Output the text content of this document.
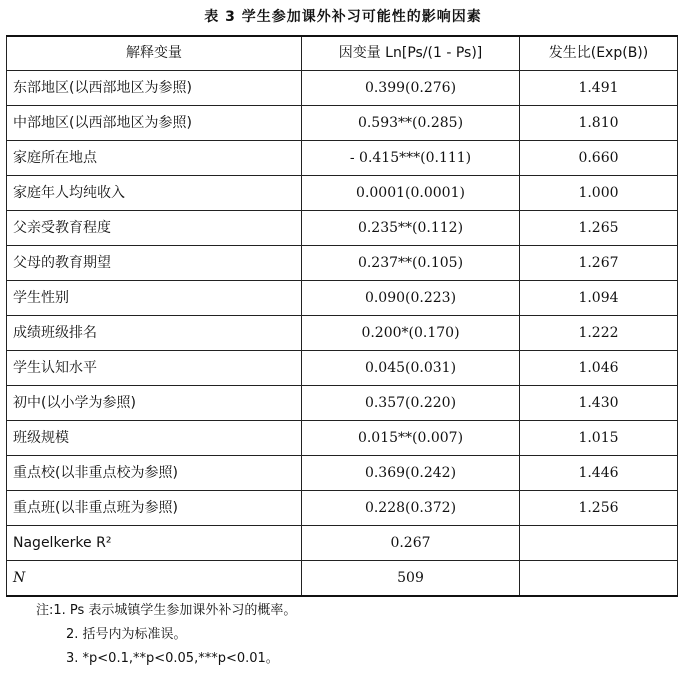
表 3 学生参加课外补习可能性的影响因素
解释变量	因变量 Ln[Ps/(1 - Ps)]	发生比(Exp(B))
东部地区(以西部地区为参照)	0.399(0.276)	1.491
中部地区(以西部地区为参照)	0.593**(0.285)	1.810
家庭所在地点	- 0.415***(0.111)	0.660
家庭年人均纯收入	0.0001(0.0001)	1.000
父亲受教育程度	0.235**(0.112)	1.265
父母的教育期望	0.237**(0.105)	1.267
学生性别	0.090(0.223)	1.094
成绩班级排名	0.200*(0.170)	1.222
学生认知水平	0.045(0.031)	1.046
初中(以小学为参照)	0.357(0.220)	1.430
班级规模	0.015**(0.007)	1.015
重点校(以非重点校为参照)	0.369(0.242)	1.446
重点班(以非重点班为参照)	0.228(0.372)	1.256
Nagelkerke R²	0.267	
N	509	
注:1. Ps 表示城镇学生参加课外补习的概率。
2. 括号内为标准误。
3. *p<0.1,**p<0.05,***p<0.01。
